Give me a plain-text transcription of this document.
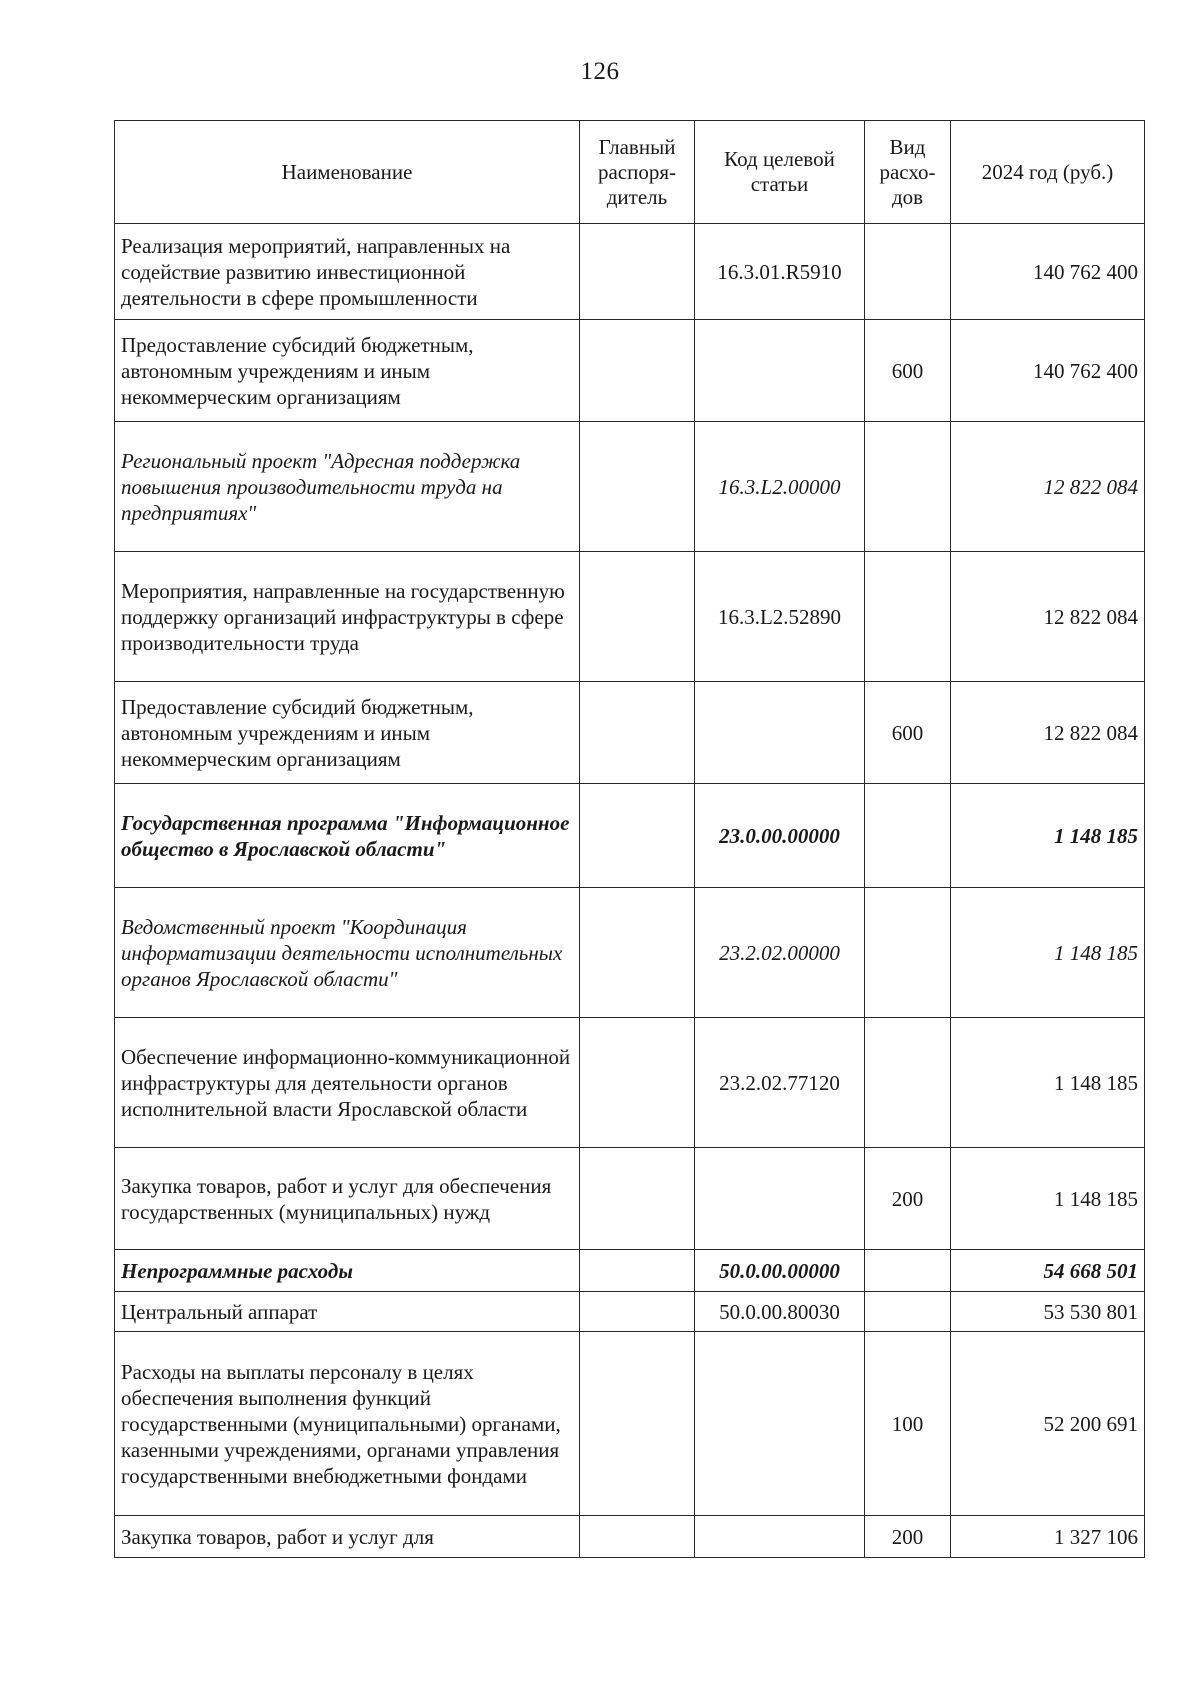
126
Наименование	Главный распоря-дитель	Код целевой статьи	Вид расхо-дов	2024 год (руб.)
Реализация мероприятий, направленных на содействие развитию инвестиционной деятельности в сфере промышленности		16.3.01.R5910		140 762 400
Предоставление субсидий бюджетным, автономным учреждениям и иным некоммерческим организациям			600	140 762 400
Региональный проект "Адресная поддержка повышения производительности труда на предприятиях"		16.3.L2.00000		12 822 084
Мероприятия, направленные на государственную поддержку организаций инфраструктуры в сфере производительности труда		16.3.L2.52890		12 822 084
Предоставление субсидий бюджетным, автономным учреждениям и иным некоммерческим организациям			600	12 822 084
Государственная программа "Информационное общество в Ярославской области"		23.0.00.00000		1 148 185
Ведомственный проект "Координация информатизации деятельности исполнительных органов Ярославской области"		23.2.02.00000		1 148 185
Обеспечение информационно-коммуникационной инфраструктуры для деятельности органов исполнительной власти Ярославской области		23.2.02.77120		1 148 185
Закупка товаров, работ и услуг для обеспечения государственных (муниципальных) нужд			200	1 148 185
Непрограммные расходы		50.0.00.00000		54 668 501
Центральный аппарат		50.0.00.80030		53 530 801
Расходы на выплаты персоналу в целях обеспечения выполнения функций государственными (муниципальными) органами, казенными учреждениями, органами управления государственными внебюджетными фондами			100	52 200 691
Закупка товаров, работ и услуг для			200	1 327 106
